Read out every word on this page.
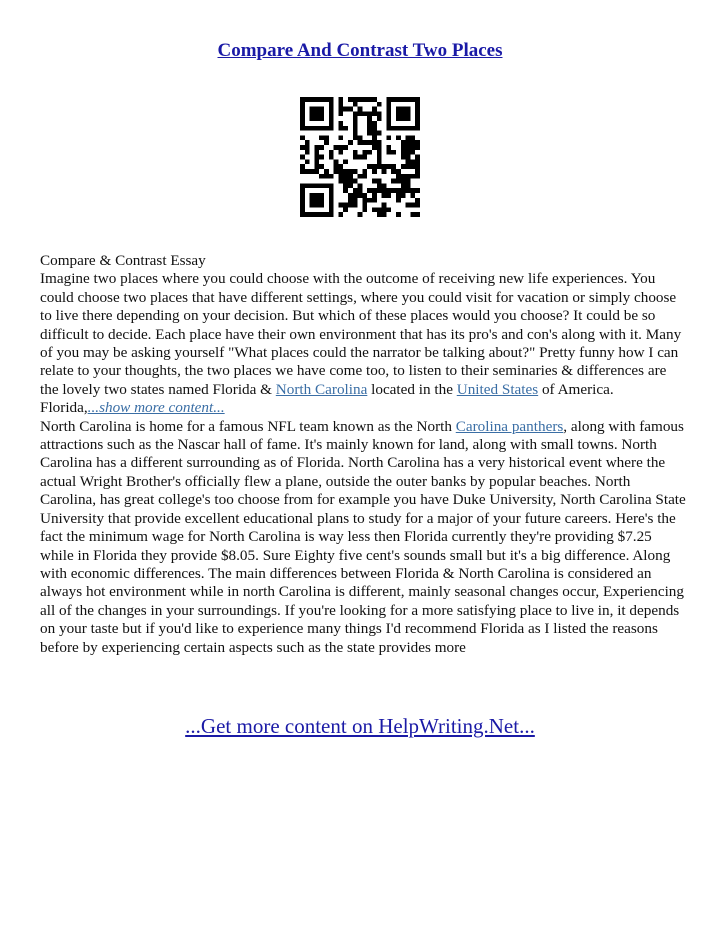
Compare And Contrast Two Places

Compare & Contrast Essay

Imagine two places where you could choose with the outcome of receiving new life experiences. You could choose two places that have different settings, where you could visit for vacation or simply choose to live there depending on your decision. But which of these places would you choose? It could be so difficult to decide. Each place have their own environment that has its pro's and con's along with it. Many of you may be asking yourself "What places could the narrator be talking about?" Pretty funny how I can relate to your thoughts, the two places we have come too, to listen to their seminaries & differences are the lovely two states named Florida & North Carolina located in the United States of America.

Florida,...show more content...

North Carolina is home for a famous NFL team known as the North Carolina panthers, along with famous attractions such as the Nascar hall of fame. It's mainly known for land, along with small towns. North Carolina has a different surrounding as of Florida. North Carolina has a very historical event where the actual Wright Brother's officially flew a plane, outside the outer banks by popular beaches. North Carolina, has great college's too choose from for example you have Duke University, North Carolina State University that provide excellent educational plans to study for a major of your future careers. Here's the fact the minimum wage for North Carolina is way less then Florida currently they're providing $7.25 while in Florida they provide $8.05. Sure Eighty five cent's sounds small but it's a big difference. Along with economic differences. The main differences between Florida & North Carolina is considered an always hot environment while in north Carolina is different, mainly seasonal changes occur, Experiencing all of the changes in your surroundings. If you're looking for a more satisfying place to live in, it depends on your taste but if you'd like to experience many things I'd recommend Florida as I listed the reasons before by experiencing certain aspects such as the state provides more

...Get more content on HelpWriting.Net...
